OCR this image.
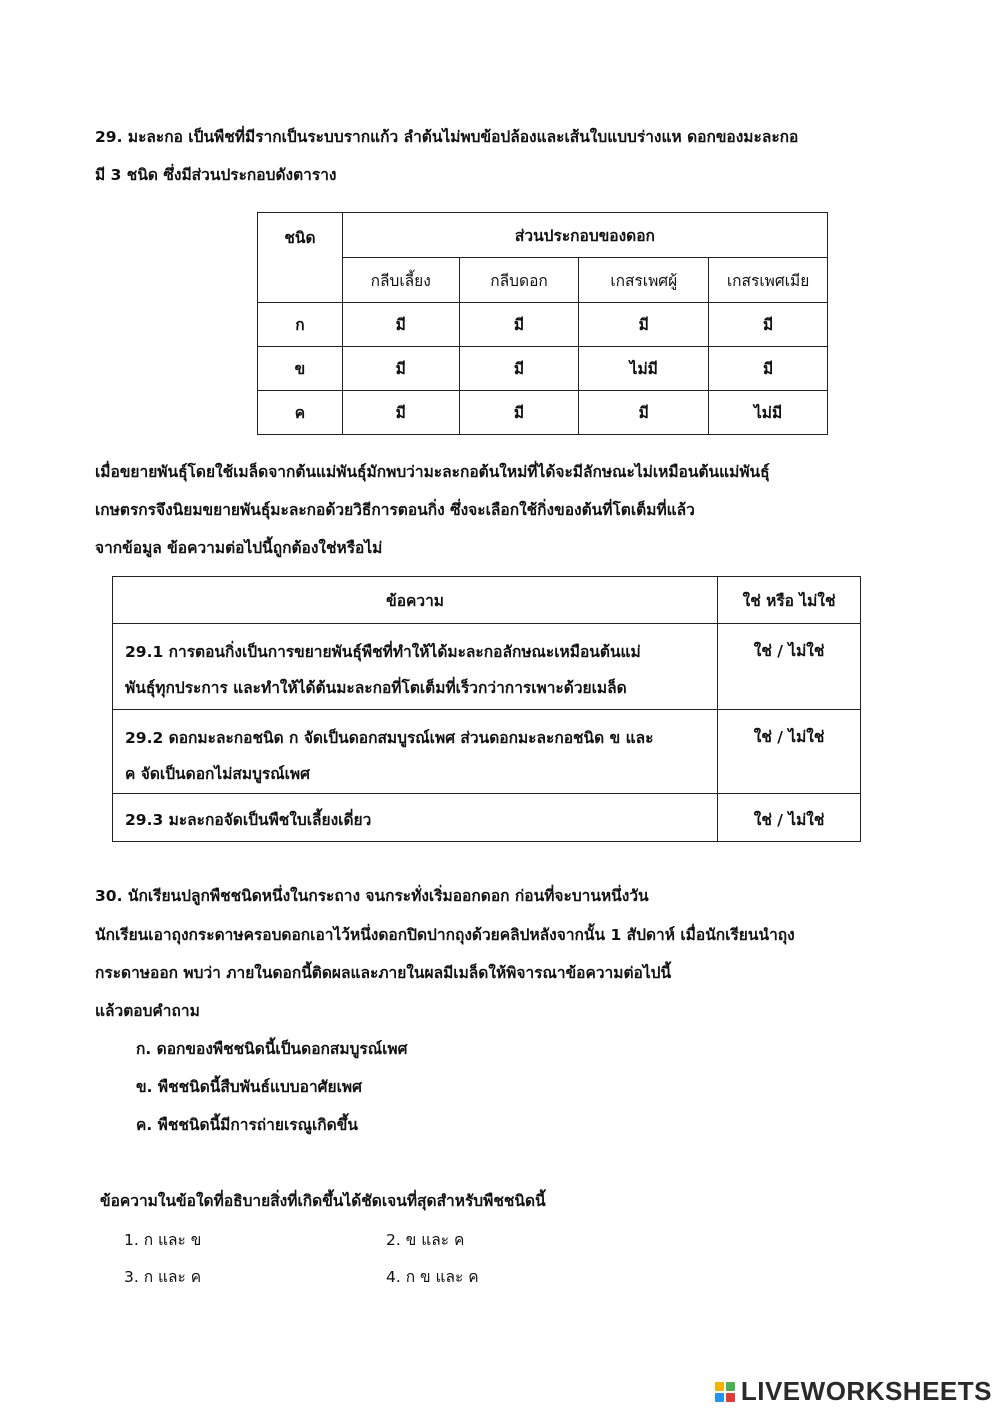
29. มะละกอ เป็นพืชที่มีรากเป็นระบบรากแก้ว ลำต้นไม่พบข้อปล้องและเส้นใบแบบร่างแห ดอกของมะละกอ
มี 3 ชนิด ซึ่งมีส่วนประกอบดังตาราง
ชนิด	ส่วนประกอบของดอก			
	กลีบเลี้ยง	กลีบดอก	เกสรเพศผู้	เกสรเพศเมีย
ก	มี	มี	มี	มี
ข	มี	มี	ไม่มี	มี
ค	มี	มี	มี	ไม่มี
เมื่อขยายพันธุ์โดยใช้เมล็ดจากต้นแม่พันธุ์มักพบว่ามะละกอต้นใหม่ที่ได้จะมีลักษณะไม่เหมือนต้นแม่พันธุ์
เกษตรกรจึงนิยมขยายพันธุ์มะละกอด้วยวิธีการตอนกิ่ง ซึ่งจะเลือกใช้กิ่งของต้นที่โตเต็มที่แล้ว
จากข้อมูล ข้อความต่อไปนี้ถูกต้องใช่หรือไม่
ข้อความ	ใช่ หรือ ไม่ใช่

29.1 การตอนกิ่งเป็นการขยายพันธุ์พืชที่ทำให้ได้มะละกอลักษณะเหมือนต้นแม่
พันธุ์ทุกประการ และทำให้ได้ต้นมะละกอที่โตเต็มที่เร็วกว่าการเพาะด้วยเมล็ด	ใช่ / ไม่ใช่

29.2 ดอกมะละกอชนิด ก จัดเป็นดอกสมบูรณ์เพศ ส่วนดอกมะละกอชนิด ข และ
ค จัดเป็นดอกไม่สมบูรณ์เพศ	ใช่ / ไม่ใช่
29.3 มะละกอจัดเป็นพืชใบเลี้ยงเดี่ยว	ใช่ / ไม่ใช่
30. นักเรียนปลูกพืชชนิดหนึ่งในกระถาง จนกระทั่งเริ่มออกดอก ก่อนที่จะบานหนึ่งวัน
นักเรียนเอาถุงกระดาษครอบดอกเอาไว้หนึ่งดอกปิดปากถุงด้วยคลิปหลังจากนั้น 1 สัปดาห์ เมื่อนักเรียนนำถุง
กระดาษออก พบว่า ภายในดอกนี้ติดผลและภายในผลมีเมล็ดให้พิจารณาข้อความต่อไปนี้
แล้วตอบคำถาม
ก. ดอกของพืชชนิดนี้เป็นดอกสมบูรณ์เพศ
ข. พืชชนิดนี้สืบพันธ์แบบอาศัยเพศ
ค. พืชชนิดนี้มีการถ่ายเรณูเกิดขึ้น
ข้อความในข้อใดที่อธิบายสิ่งที่เกิดขึ้นได้ชัดเจนที่สุดสำหรับพืชชนิดนี้
1. ก และ ข	2. ข และ ค
3. ก และ ค	4. ก ข และ ค
LIVEWORKSHEETS
